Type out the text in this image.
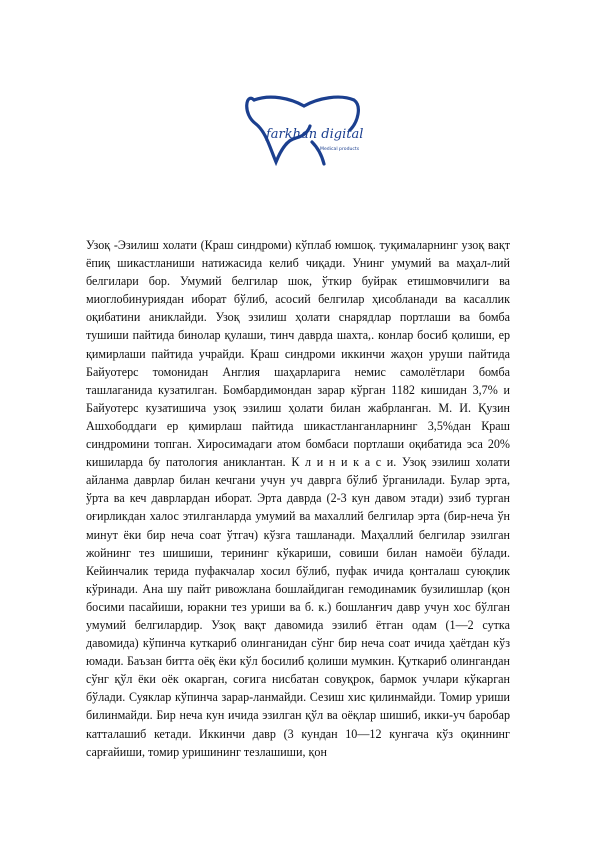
farkhan digital
Medical products

Узоқ -Эзилиш холати (Краш синдроми) кўплаб юмшоқ. туқималарнинг узоқ вақт ёпиқ шикастланиши натижасида келиб чиқади. Унинг умумий ва маҳал-лий белгилари бор. Умумий белгилар шок, ўткир буйрак етишмовчилиги ва миоглобинуриядан иборат бўлиб, асосий белгилар ҳисобланади ва касаллик оқибатини аниклайди. Узоқ эзилиш ҳолати снарядлар портлаши ва бомба тушиши пайтида бинолар қулаши, тинч даврда шахта,. конлар босиб қолиши, ер қимирлаши пайтида учрайди. Краш синдроми иккинчи жаҳон уруши пайтида Байуотерс томонидан Англия шаҳарларига немис самолётлари бомба ташлаганида кузатилган. Бомбардимондан зарар кўрган 1182 кишидан 3,7% и Байуотерс кузатишича узоқ эзилиш ҳолати билан жабрланган. М. И. Қузин Ашхободдаги ер қимирлаш пайтида шикастланганларнинг 3,5%дан Краш синдромини топган. Хиросимадаги атом бомбаси портлаши оқибатида эса 20% кишиларда бу патология аниклантан. К л и н и к а с и. Узоқ эзилиш холати айланма даврлар билан кечгани учун уч даврга бўлиб ўрганилади. Булар эрта, ўрта ва кеч даврлардан иборат. Эрта даврда (2-3 кун давом этади) эзиб турган оғирликдан халос этилганларда умумий ва махаллий белгилар эрта (бир-неча ўн минут ёки бир неча соат ўтгач) кўзга ташланади. Маҳаллий белгилар эзилган жойнинг тез шишиши, терининг кўкариши, совиши билан намоёи бўлади. Кейинчалик терида пуфакчалар хосил бўлиб, пуфак ичида қонталаш суюқлик кўринади. Ана шу пайт ривожлана бошлайдиган гемодинамик бузилишлар (қон босими пасайиши, юракни тез уриши ва б. к.) бошланғич давр учун хос бўлган умумий белгилардир. Узоқ вақт давомида эзилиб ётган одам (1—2 сутка давомида) кўпинча куткариб олинганидан сўнг бир неча соат ичида ҳаётдан кўз юмади. Баъзан битта оёқ ёки кўл босилиб қолиши мумкин. Қуткариб олингандан сўнг қўл ёки оёк окарган, соғига нисбатан совуқрок, бармок учлари кўкарган бўлади. Суяклар кўпинча зарар-ланмайди. Сезиш хис қилинмайди. Томир уриши билинмайди. Бир неча кун ичида эзилган қўл ва оёқлар шишиб, икки-уч баробар катталашиб кетади. Иккинчи давр (3 кундан 10—12 кунгача кўз оқиннинг сарғайиши, томир уришининг тезлашиши, қон
